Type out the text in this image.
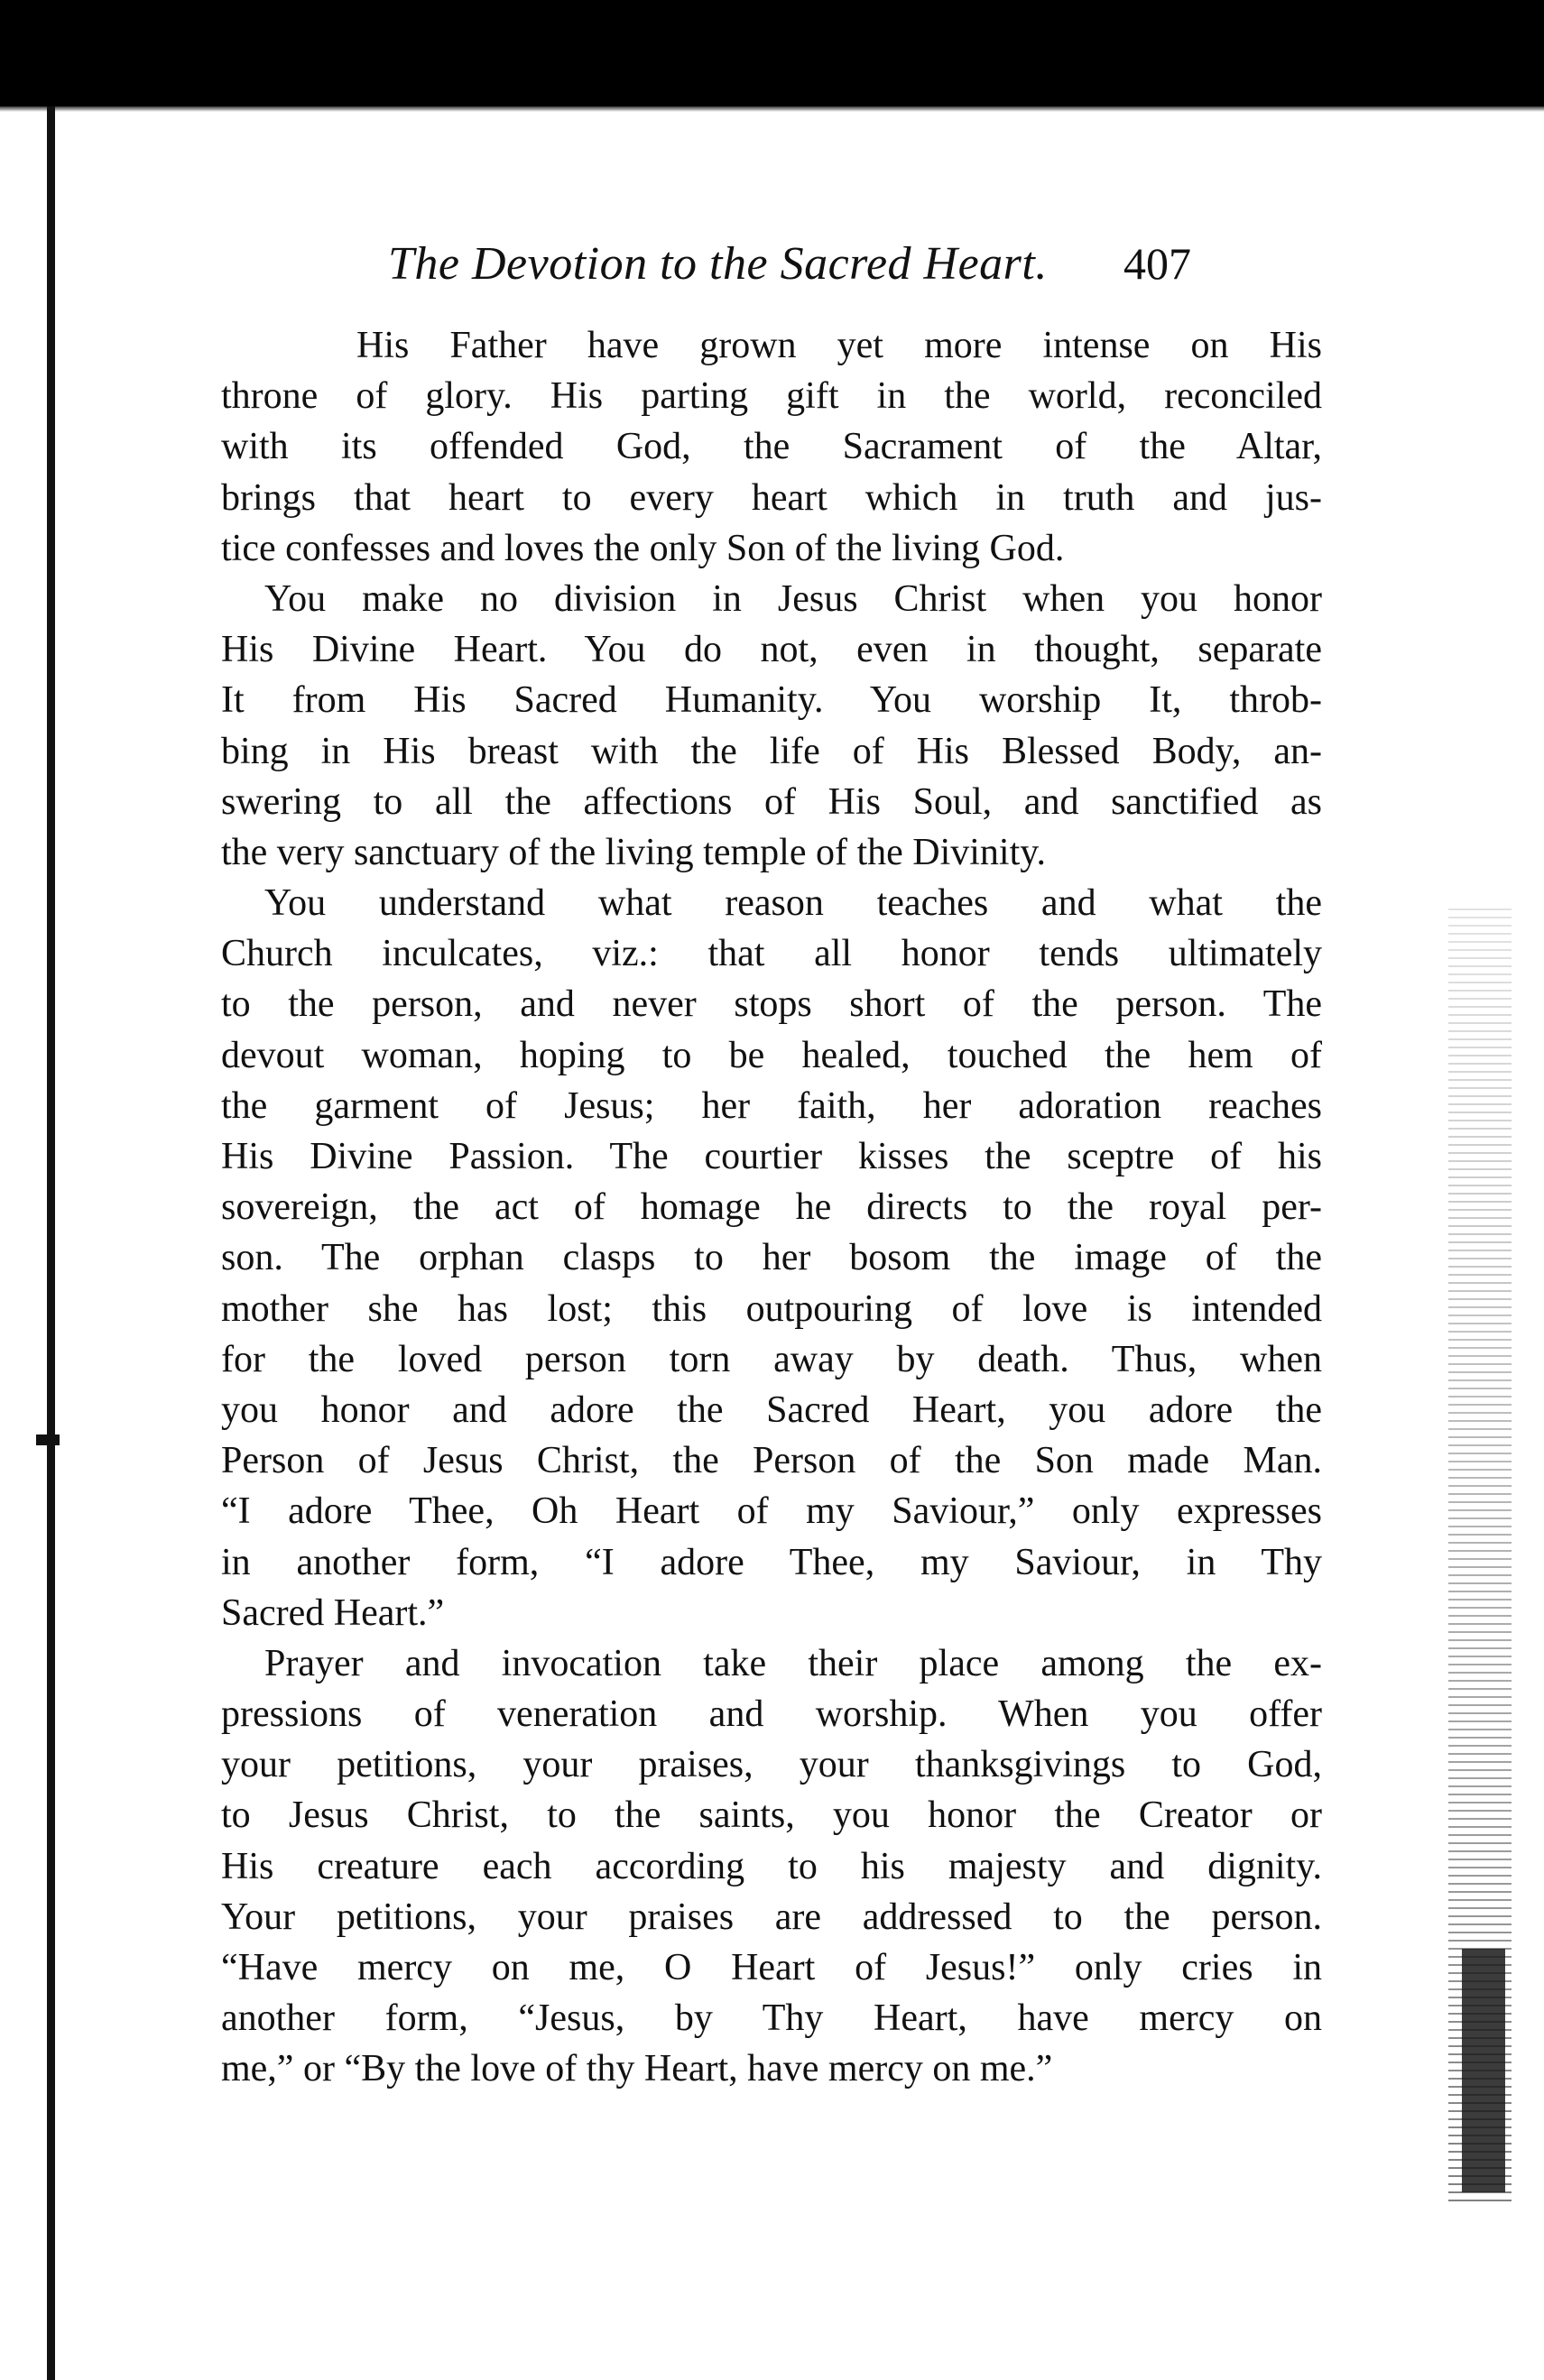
The Devotion to the Sacred Heart. 407
His Father have grown yet more intense on His
throne of glory. His parting gift in the world, reconciled
with its offended God, the Sacrament of the Altar,
brings that heart to every heart which in truth and jus-
tice confesses and loves the only Son of the living God.
You make no division in Jesus Christ when you honor
His Divine Heart. You do not, even in thought, separate
It from His Sacred Humanity. You worship It, throb-
bing in His breast with the life of His Blessed Body, an-
swering to all the affections of His Soul, and sanctified as
the very sanctuary of the living temple of the Divinity.
You understand what reason teaches and what the
Church inculcates, viz.: that all honor tends ultimately
to the person, and never stops short of the person. The
devout woman, hoping to be healed, touched the hem of
the garment of Jesus; her faith, her adoration reaches
His Divine Passion. The courtier kisses the sceptre of his
sovereign, the act of homage he directs to the royal per-
son. The orphan clasps to her bosom the image of the
mother she has lost; this outpouring of love is intended
for the loved person torn away by death. Thus, when
you honor and adore the Sacred Heart, you adore the
Person of Jesus Christ, the Person of the Son made Man.
“I adore Thee, Oh Heart of my Saviour,” only expresses
in another form, “I adore Thee, my Saviour, in Thy
Sacred Heart.”
Prayer and invocation take their place among the ex-
pressions of veneration and worship. When you offer
your petitions, your praises, your thanksgivings to God,
to Jesus Christ, to the saints, you honor the Creator or
His creature each according to his majesty and dignity.
Your petitions, your praises are addressed to the person.
“Have mercy on me, O Heart of Jesus!” only cries in
another form, “Jesus, by Thy Heart, have mercy on
me,” or “By the love of thy Heart, have mercy on me.”
